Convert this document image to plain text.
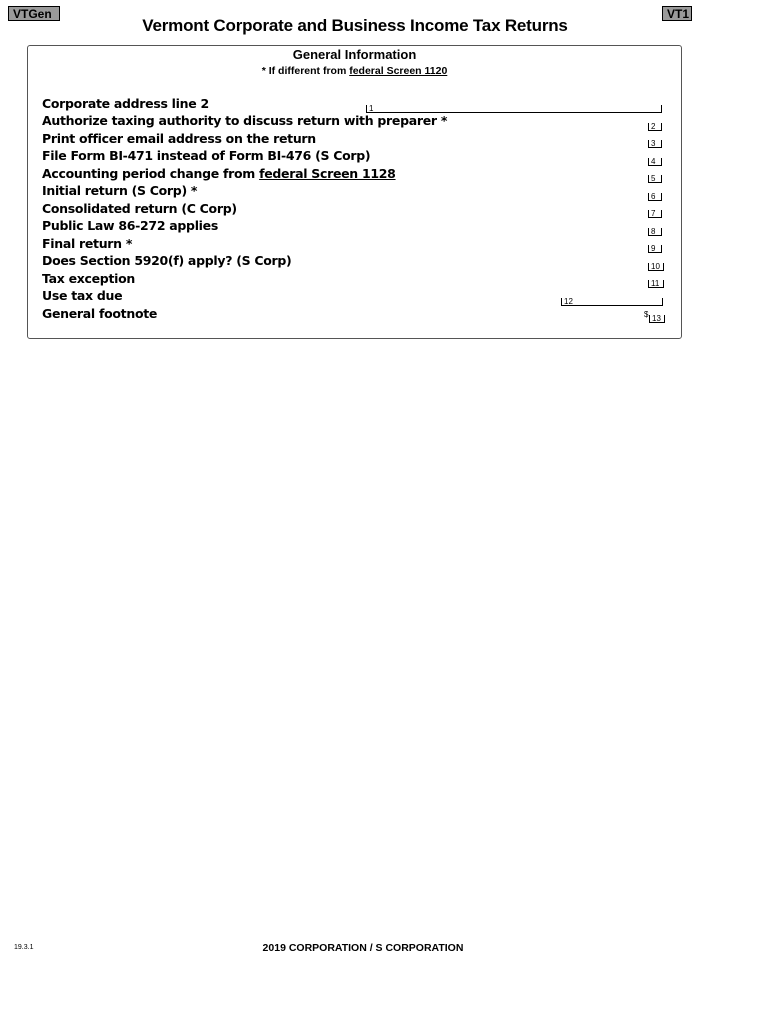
VTGen	VT1
Vermont Corporate and Business Income Tax Returns
General Information
* If different from federal Screen 1120
Corporate address line 2	1
Authorize taxing authority to discuss return with preparer *	2
Print officer email address on the return	3
File Form BI-471 instead of Form BI-476 (S Corp)	4
Accounting period change from federal Screen 1128	5
Initial return (S Corp) *	6
Consolidated return (C Corp)	7
Public Law 86-272 applies	8
Final return *	9
Does Section 5920(f) apply? (S Corp)	10
Tax exception	11
Use tax due	12
General footnote	$ 13
19.3.1	2019 CORPORATION / S CORPORATION
